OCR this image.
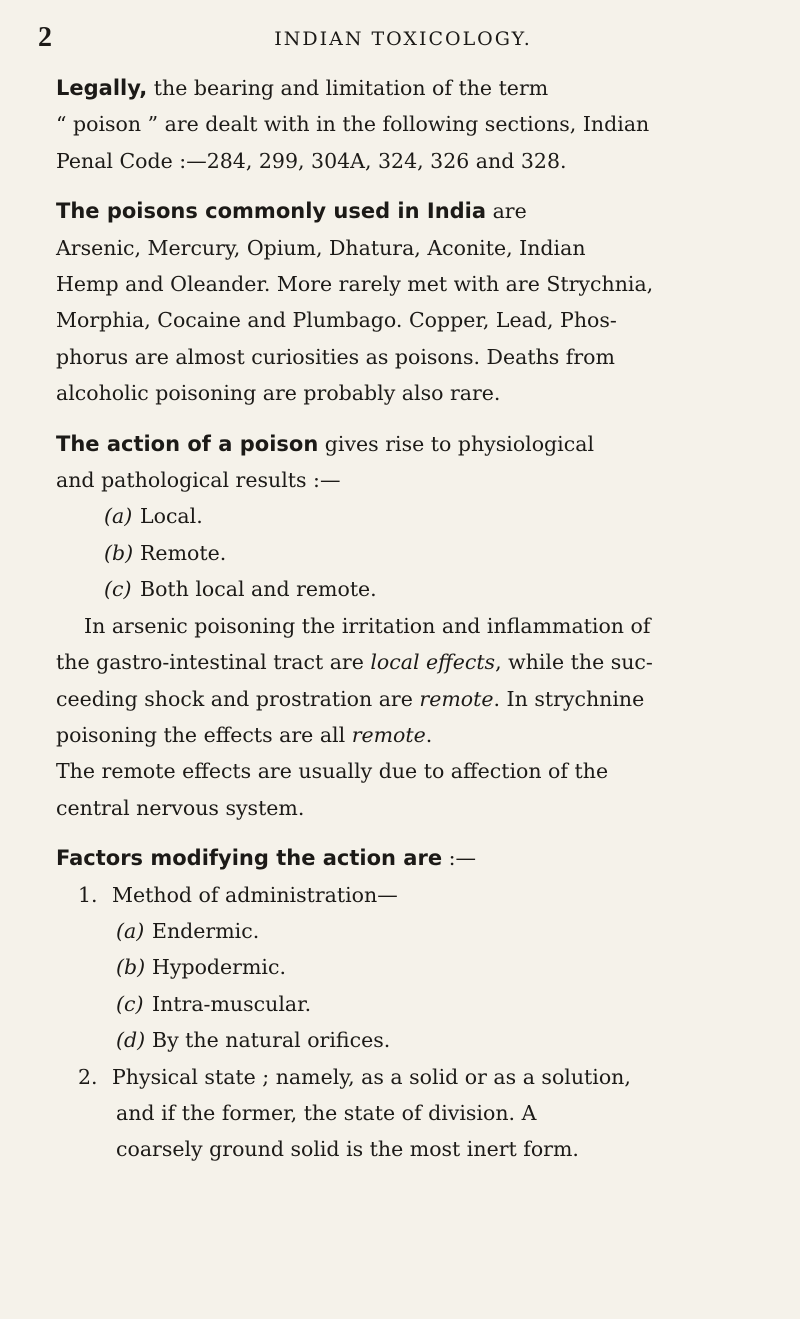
2	INDIAN TOXICOLOGY.

Legally, the bearing and limitation of the term

“ poison ” are dealt with in the following sections, Indian

Penal Code :—284, 299, 304A, 324, 326 and 328.

The poisons commonly used in India are

Arsenic, Mercury, Opium, Dhatura, Aconite, Indian

Hemp and Oleander. More rarely met with are Strychnia,

Morphia, Cocaine and Plumbago. Copper, Lead, Phos-

phorus are almost curiosities as poisons. Deaths from

alcoholic poisoning are probably also rare.

The action of a poison gives rise to physiological

and pathological results :—

(a) Local.

(b) Remote.

(c) Both local and remote.

In arsenic poisoning the irritation and inflammation of

the gastro-intestinal tract are local effects, while the suc-

ceeding shock and prostration are remote. In strychnine

poisoning the effects are all remote.

The remote effects are usually due to affection of the

central nervous system.

Factors modifying the action are :—

1. Method of administration—

(a) Endermic.

(b) Hypodermic.

(c) Intra-muscular.

(d) By the natural orifices.

2. Physical state ; namely, as a solid or as a solution,

and if the former, the state of division. A

coarsely ground solid is the most inert form.
